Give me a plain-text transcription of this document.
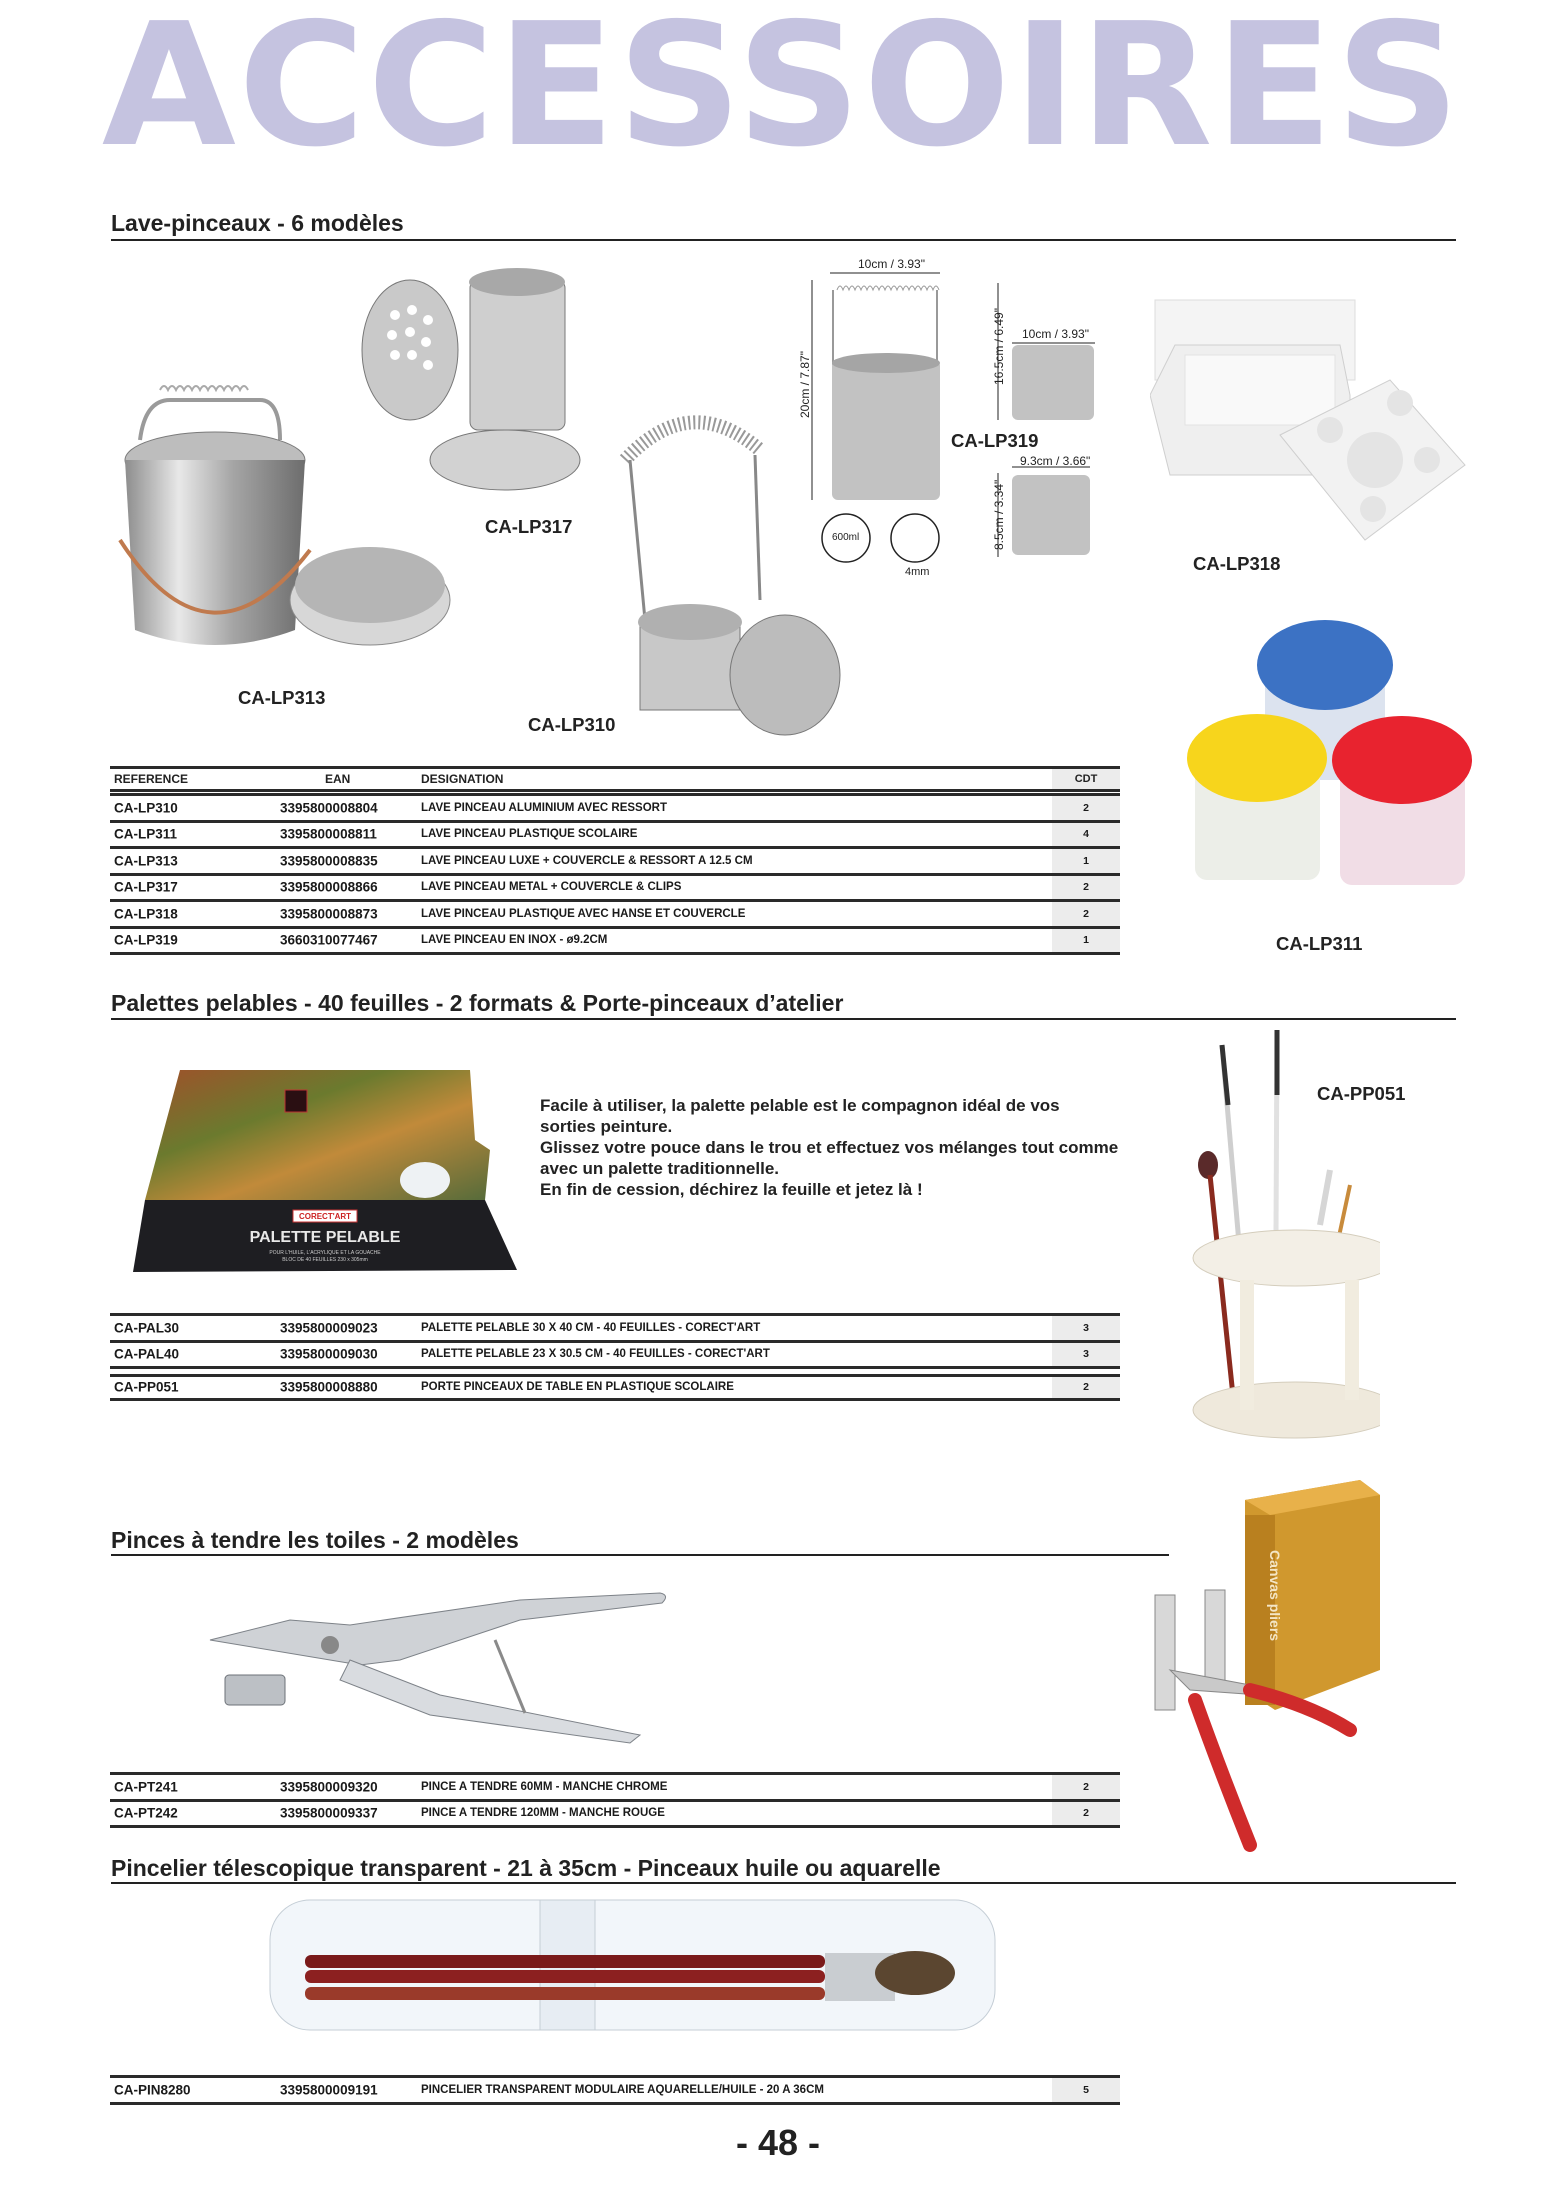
ACCESSOIRES
Lave-pinceaux - 6 modèles
10cm / 3.93"
20cm / 7.87"	16.5cm / 6.49" 10cm / 3.93"
9.3cm / 3.66"
8.5cm / 3.34"
600ml
4mm
CA-LP317
CA-LP313
CA-LP310
CA-LP319
CA-LP318
CA-LP311
REFERENCE	EAN	DESIGNATION	CDT
CA-LP310	3395800008804	LAVE PINCEAU ALUMINIUM AVEC RESSORT	2
CA-LP311	3395800008811	LAVE PINCEAU PLASTIQUE SCOLAIRE	4
CA-LP313	3395800008835	LAVE PINCEAU LUXE + COUVERCLE & RESSORT A 12.5 CM	1
CA-LP317	3395800008866	LAVE PINCEAU METAL + COUVERCLE & CLIPS	2
CA-LP318	3395800008873	LAVE PINCEAU PLASTIQUE AVEC HANSE ET COUVERCLE	2
CA-LP319	3660310077467	LAVE PINCEAU EN INOX - ø9.2CM	1
Palettes pelables - 40 feuilles - 2 formats & Porte-pinceaux d’atelier
CORECT'ART
PALETTE PELABLE
POUR L'HUILE, L'ACRYLIQUE ET LA GOUACHE
BLOC DE 40 FEUILLES 230 x 305mm

Facile à utiliser, la palette pelable est le compagnon idéal de vos sorties peinture.

Glissez votre pouce dans le trou et effectuez vos mélanges tout comme avec un palette traditionnelle.

En fin de cession, déchirez la feuille et jetez là !

CA-PP051
CA-PAL30	3395800009023	PALETTE PELABLE 30 X 40 CM - 40 FEUILLES - CORECT'ART	3
CA-PAL40	3395800009030	PALETTE PELABLE 23 X 30.5 CM - 40 FEUILLES - CORECT'ART	3
CA-PP051	3395800008880	PORTE PINCEAUX DE TABLE EN PLASTIQUE SCOLAIRE	2
Pinces à tendre les toiles - 2 modèles
Canvas pliers
CA-PT241	3395800009320	PINCE A TENDRE 60MM - MANCHE CHROME	2
CA-PT242	3395800009337	PINCE A TENDRE 120MM - MANCHE ROUGE	2
Pincelier télescopique transparent - 21 à 35cm - Pinceaux huile ou aquarelle
CA-PIN8280	3395800009191	PINCELIER TRANSPARENT MODULAIRE AQUARELLE/HUILE - 20 A 36CM	5
- 48 -
